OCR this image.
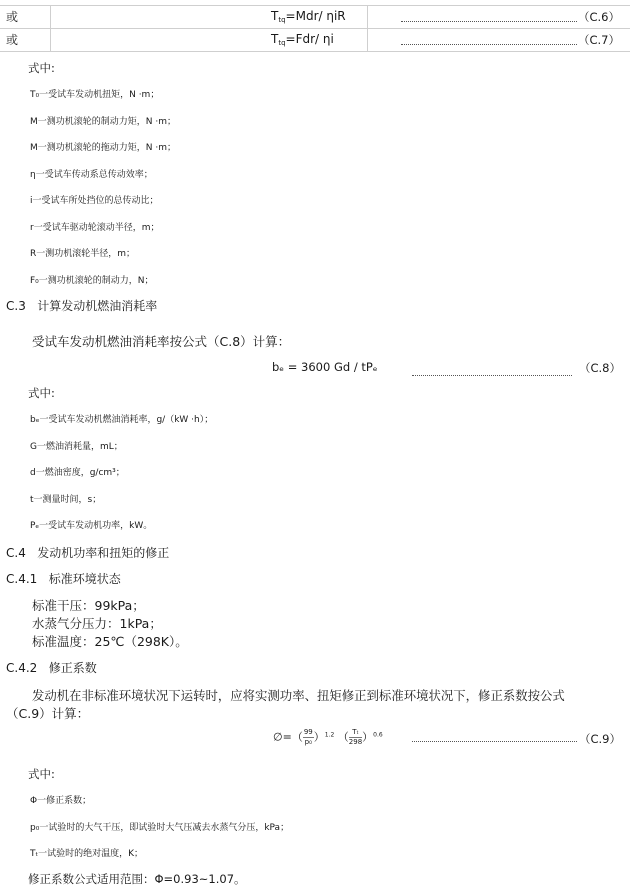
或	$T_{tq}=Mdr/$ ηiR	（C.6）
或	$T_{tq}=Fdr/$ ηi	（C.7）
式中:
T₀一受试车发动机扭矩，N ·m；
M一测功机滚轮的制动力矩，N ·m；
M一测功机滚轮的拖动力矩，N ·m；
η一受试车传动系总传动效率；
i一受试车所处挡位的总传动比；
r一受试车驱动轮滚动半径，m；
R一测功机滚轮半径，m；
F₀一测功机滚轮的制动力，N；
C.3 计算发动机燃油消耗率
受试车发动机燃油消耗率按公式（C.8）计算：
bₑ = 3600 Gd / tPₑ	（C.8）
式中:
bₑ一受试车发动机燃油消耗率，g/（kW ·h）；
G一燃油消耗量，mL；
d一燃油密度，g/cm³；
t一测量时间，s；
Pₑ一受试车发动机功率，kW。
C.4 发动机功率和扭矩的修正
C.4.1 标准环境状态
标准干压：99kPa；
水蒸气分压力：1kPa；
标准温度：25℃（298K）。
C.4.2 修正系数
发动机在非标准环境状况下运转时，应将实测功率、扭矩修正到标准环境状况下，修正系数按公式
（C.9）计算：
∅=（ $\frac{99}{\text{p₀}} )^{1.2}$ （ $\frac{\text{Tₜ}}{298} )^{0.6}$	（C.9）
式中:
Φ一修正系数；
p₀一试验时的大气干压，即试验时大气压减去水蒸气分压，kPa；
Tₜ一试验时的绝对温度，K；
修正系数公式适用范围：Φ=0.93~1.07。
